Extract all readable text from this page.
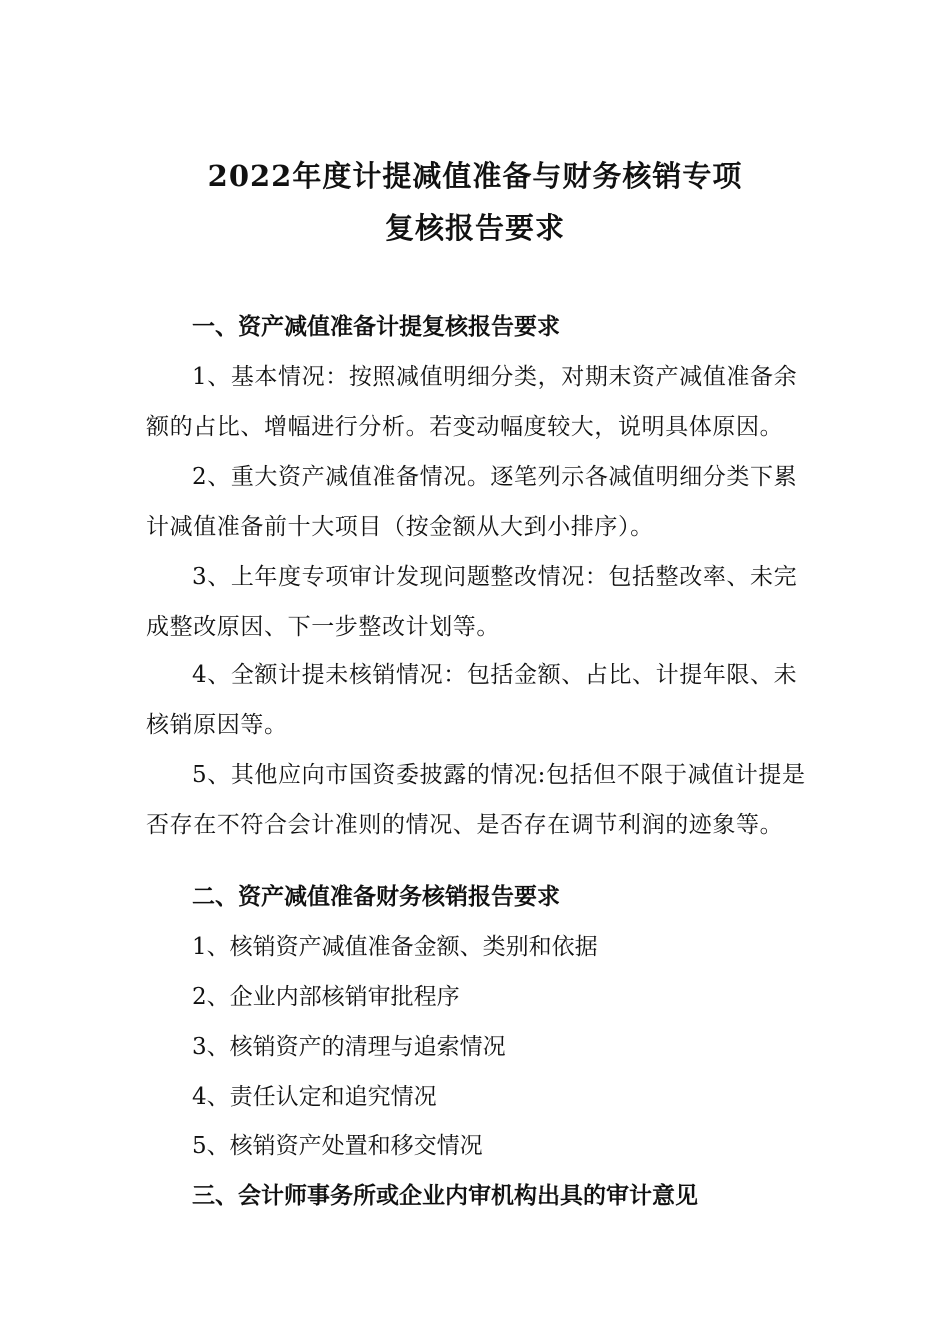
2022年度计提减值准备与财务核销专项
复核报告要求
一、资产减值准备计提复核报告要求
1、基本情况：按照减值明细分类，对期末资产减值准备余额的占比、增幅进行分析。若变动幅度较大，说明具体原因。
2、重大资产减值准备情况。逐笔列示各减值明细分类下累计减值准备前十大项目（按金额从大到小排序）。
3、上年度专项审计发现问题整改情况：包括整改率、未完成整改原因、下一步整改计划等。
4、全额计提未核销情况：包括金额、占比、计提年限、未核销原因等。
5、其他应向市国资委披露的情况:包括但不限于减值计提是否存在不符合会计准则的情况、是否存在调节利润的迹象等。
二、资产减值准备财务核销报告要求
1、核销资产减值准备金额、类别和依据
2、企业内部核销审批程序
3、核销资产的清理与追索情况
4、责任认定和追究情况
5、核销资产处置和移交情况
三、会计师事务所或企业内审机构出具的审计意见
